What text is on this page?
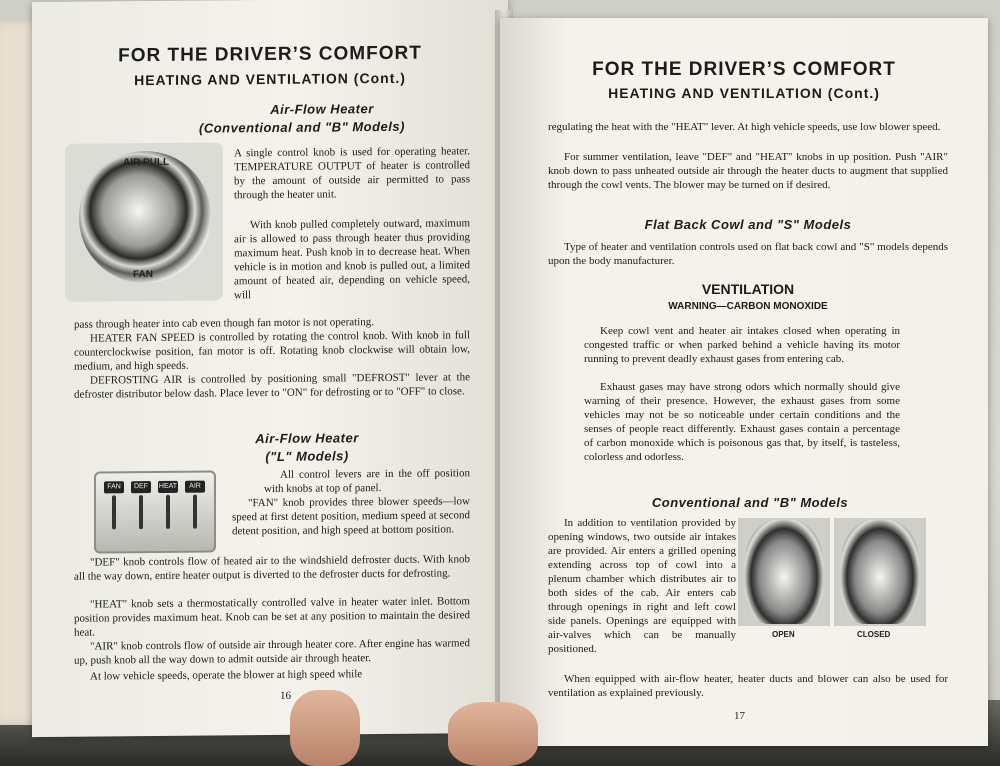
FOR THE DRIVER’S COMFORT

HEATING AND VENTILATION (Cont.)

Air-Flow Heater

(Conventional and "B" Models)

AIR PULL
FAN

A single control knob is used for operating heater. TEMPERATURE OUTPUT of heater is controlled by the amount of outside air permitted to pass through the heater unit.

With knob pulled completely outward, maximum air is allowed to pass through heater thus providing maximum heat. Push knob in to decrease heat. When vehicle is in motion and knob is pulled out, a limited amount of heated air, depending on vehicle speed, will

pass through heater into cab even though fan motor is not operating.

HEATER FAN SPEED is controlled by rotating the control knob. With knob in full counterclockwise position, fan motor is off. Rotating knob clockwise will obtain low, medium, and high speeds.

DEFROSTING AIR is controlled by positioning small "DEFROST" lever at the defroster distributor below dash. Place lever to "ON" for defrosting or to "OFF" to close.

Air-Flow Heater

("L" Models)

FAN	DEF	HEAT	AIR

All control levers are in the off position with knobs at top of panel.

"FAN" knob provides three blower speeds—low speed at first detent position, medium speed at second detent position, and high speed at bottom position.

"DEF" knob controls flow of heated air to the windshield defroster ducts. With knob all the way down, entire heater output is diverted to the defroster ducts for defrosting.

"HEAT" knob sets a thermostatically controlled valve in heater water inlet. Bottom position provides maximum heat. Knob can be set at any position to maintain the desired heat.

"AIR" knob controls flow of outside air through heater core. After engine has warmed up, push knob all the way down to admit outside air through heater.

At low vehicle speeds, operate the blower at high speed while

16

FOR THE DRIVER’S COMFORT

HEATING AND VENTILATION (Cont.)

regulating the heat with the "HEAT" lever. At high vehicle speeds, use low blower speed.

For summer ventilation, leave "DEF" and "HEAT" knobs in up position. Push "AIR" knob down to pass unheated outside air through the heater ducts to augment that supplied through the cowl vents. The blower may be turned on if desired.

Flat Back Cowl and "S" Models

Type of heater and ventilation controls used on flat back cowl and "S" models depends upon the body manufacturer.

VENTILATION

WARNING—CARBON MONOXIDE

Keep cowl vent and heater air intakes closed when operating in congested traffic or when parked behind a vehicle having its motor running to prevent deadly exhaust gases from entering cab.

Exhaust gases may have strong odors which normally should give warning of their presence. However, the exhaust gases from some vehicles may not be so noticeable under certain conditions and the senses of people react differently. Exhaust gases contain a percentage of carbon monoxide which is poisonous gas that, by itself, is tasteless, colorless and odorless.

Conventional and "B" Models

In addition to ventilation provided by opening windows, two outside air intakes are provided. Air enters a grilled opening extending across top of cowl into a plenum chamber which distributes air to both sides of the cab. Air enters cab through openings in right and left cowl side panels. Openings are equipped with air-valves which can be manually positioned.

OPEN	CLOSED

When equipped with air-flow heater, heater ducts and blower can also be used for ventilation as explained previously.

17
